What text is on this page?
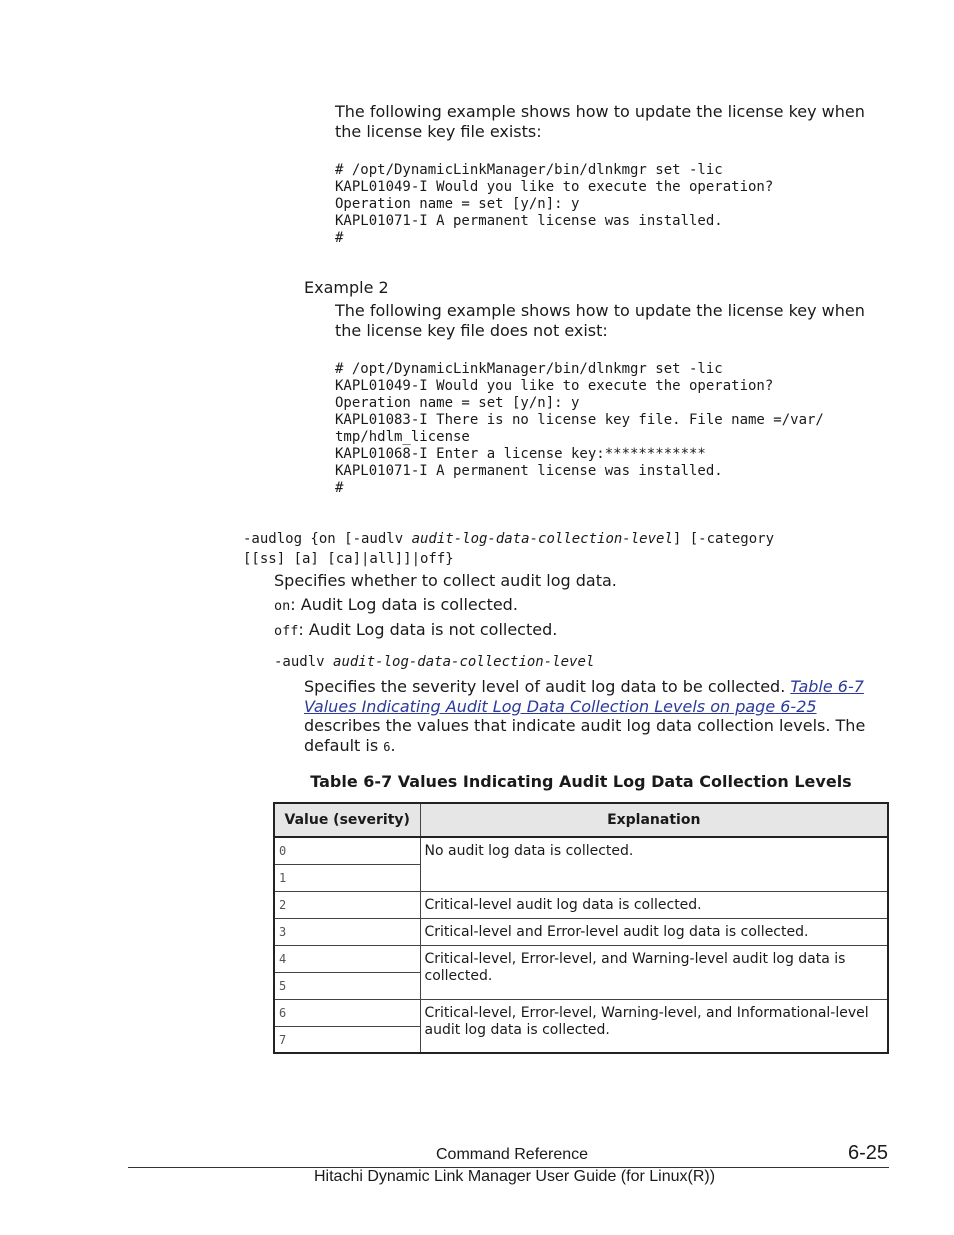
The following example shows how to update the license key when the license key file exists:
# /opt/DynamicLinkManager/bin/dlnkmgr set -lic
KAPL01049-I Would you like to execute the operation?
Operation name = set [y/n]: y
KAPL01071-I A permanent license was installed.
#
Example 2
The following example shows how to update the license key when the license key file does not exist:
# /opt/DynamicLinkManager/bin/dlnkmgr set -lic
KAPL01049-I Would you like to execute the operation?
Operation name = set [y/n]: y
KAPL01083-I There is no license key file. File name =/var/
tmp/hdlm_license
KAPL01068-I Enter a license key:************
KAPL01071-I A permanent license was installed.
#
-audlog {on [-audlv audit-log-data-collection-level] [-category
[[ss] [a] [ca]|all]]|off}
Specifies whether to collect audit log data.
on: Audit Log data is collected.
off: Audit Log data is not collected.
-audlv audit-log-data-collection-level
Specifies the severity level of audit log data to be collected. Table 6-7 Values Indicating Audit Log Data Collection Levels on page 6-25 describes the values that indicate audit log data collection levels. The default is 6.
Table 6-7 Values Indicating Audit Log Data Collection Levels
Value (severity)	Explanation
0	No audit log data is collected.
1	
2	Critical-level audit log data is collected.
3	Critical-level and Error-level audit log data is collected.
4	Critical-level, Error-level, and Warning-level audit log data is collected.
5	
6	Critical-level, Error-level, Warning-level, and Informational-level audit log data is collected.
7	
Command Reference	6-25
Hitachi Dynamic Link Manager User Guide (for Linux(R))
